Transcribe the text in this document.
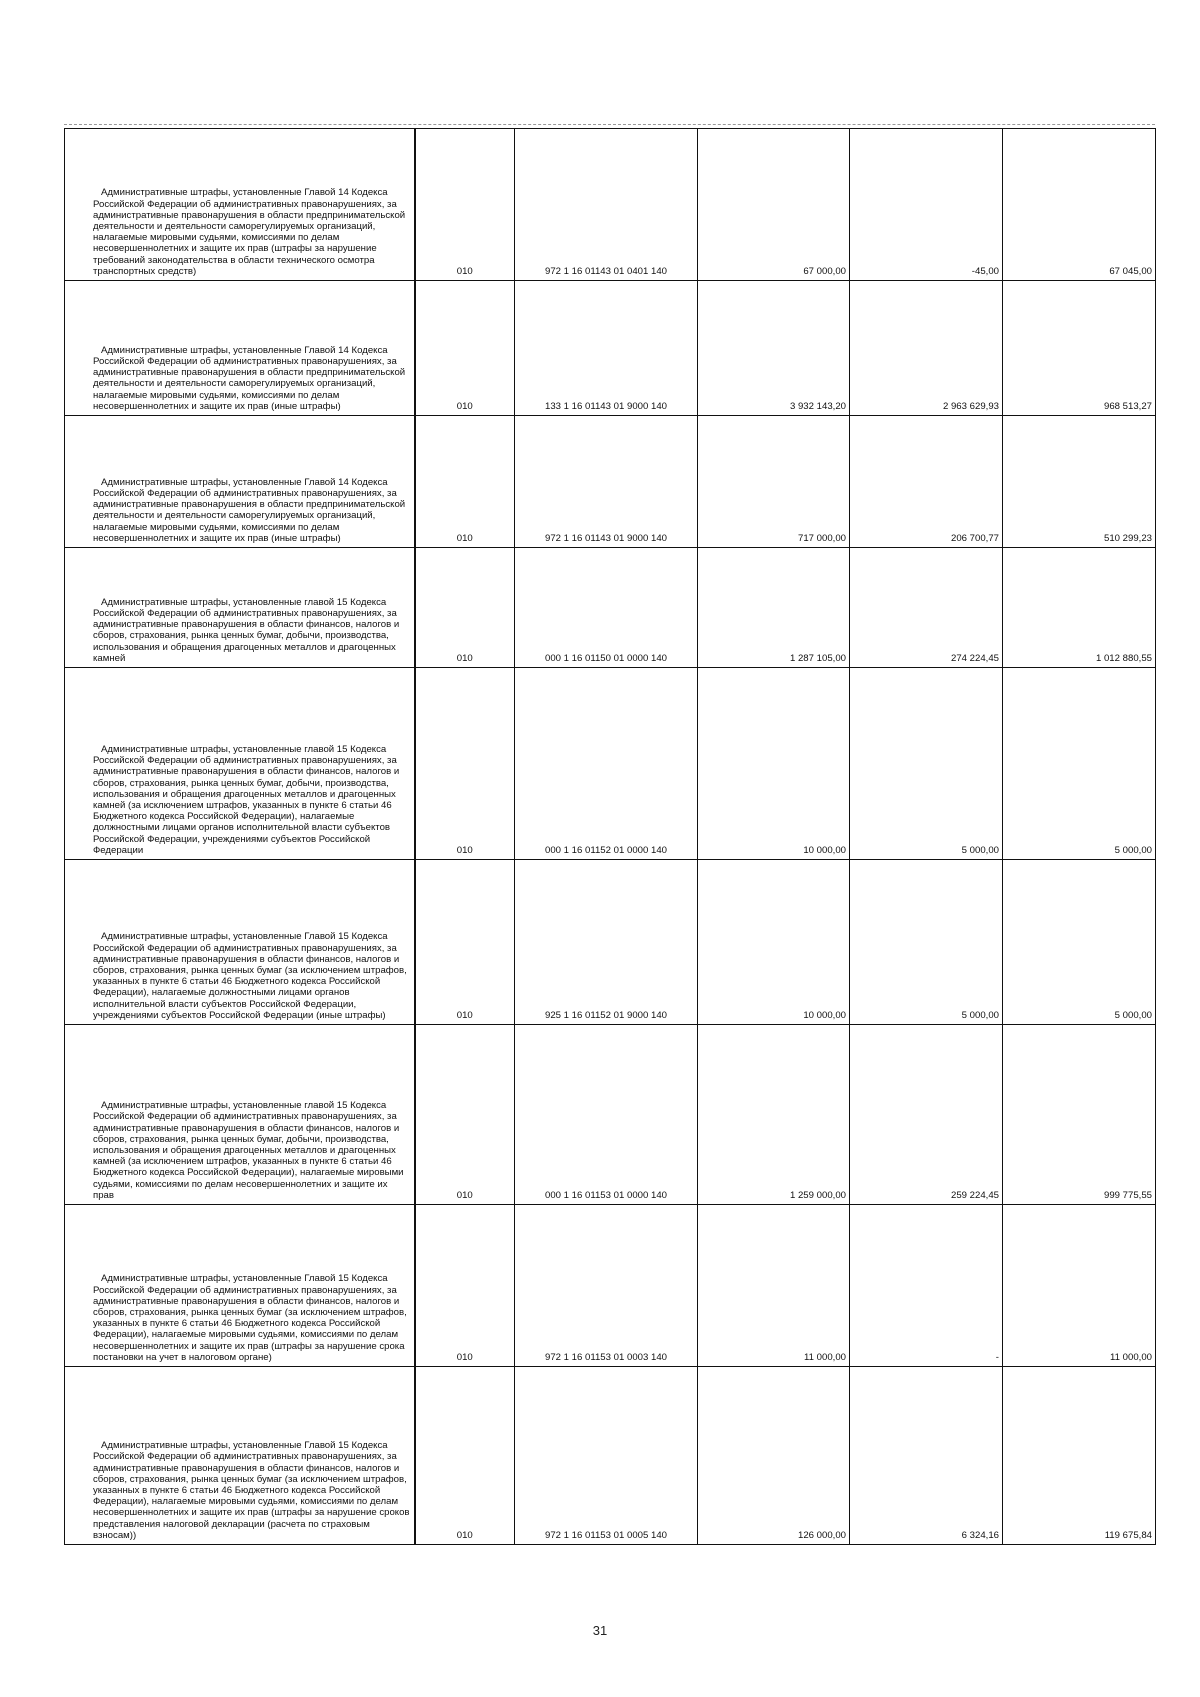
Административные штрафы, установленные Главой 14 Кодекса Российской Федерации об административных правонарушениях, за административные правонарушения в области предпринимательской деятельности и деятельности саморегулируемых организаций, налагаемые мировыми судьями, комиссиями по делам несовершеннолетних и защите их прав (штрафы за нарушение требований законодательства в области технического осмотра транспортных средств)	010	972 1 16 01143 01 0401 140	67 000,00	-45,00	67 045,00

Административные штрафы, установленные Главой 14 Кодекса Российской Федерации об административных правонарушениях, за административные правонарушения в области предпринимательской деятельности и деятельности саморегулируемых организаций, налагаемые мировыми судьями, комиссиями по делам несовершеннолетних и защите их прав (иные штрафы)	010	133 1 16 01143 01 9000 140	3 932 143,20	2 963 629,93	968 513,27

Административные штрафы, установленные Главой 14 Кодекса Российской Федерации об административных правонарушениях, за административные правонарушения в области предпринимательской деятельности и деятельности саморегулируемых организаций, налагаемые мировыми судьями, комиссиями по делам несовершеннолетних и защите их прав (иные штрафы)	010	972 1 16 01143 01 9000 140	717 000,00	206 700,77	510 299,23

Административные штрафы, установленные главой 15 Кодекса Российской Федерации об административных правонарушениях, за административные правонарушения в области финансов, налогов и сборов, страхования, рынка ценных бумаг, добычи, производства, использования и обращения драгоценных металлов и драгоценных камней	010	000 1 16 01150 01 0000 140	1 287 105,00	274 224,45	1 012 880,55

Административные штрафы, установленные главой 15 Кодекса Российской Федерации об административных правонарушениях, за административные правонарушения в области финансов, налогов и сборов, страхования, рынка ценных бумаг, добычи, производства, использования и обращения драгоценных металлов и драгоценных камней (за исключением штрафов, указанных в пункте 6 статьи 46 Бюджетного кодекса Российской Федерации), налагаемые должностными лицами органов исполнительной власти субъектов Российской Федерации, учреждениями субъектов Российской Федерации	010	000 1 16 01152 01 0000 140	10 000,00	5 000,00	5 000,00

Административные штрафы, установленные Главой 15 Кодекса Российской Федерации об административных правонарушениях, за административные правонарушения в области финансов, налогов и сборов, страхования, рынка ценных бумаг (за исключением штрафов, указанных в пункте 6 статьи 46 Бюджетного кодекса Российской Федерации), налагаемые должностными лицами органов исполнительной власти субъектов Российской Федерации, учреждениями субъектов Российской Федерации (иные штрафы)	010	925 1 16 01152 01 9000 140	10 000,00	5 000,00	5 000,00

Административные штрафы, установленные главой 15 Кодекса Российской Федерации об административных правонарушениях, за административные правонарушения в области финансов, налогов и сборов, страхования, рынка ценных бумаг, добычи, производства, использования и обращения драгоценных металлов и драгоценных камней (за исключением штрафов, указанных в пункте 6 статьи 46 Бюджетного кодекса Российской Федерации), налагаемые мировыми судьями, комиссиями по делам несовершеннолетних и защите их прав	010	000 1 16 01153 01 0000 140	1 259 000,00	259 224,45	999 775,55

Административные штрафы, установленные Главой 15 Кодекса Российской Федерации об административных правонарушениях, за административные правонарушения в области финансов, налогов и сборов, страхования, рынка ценных бумаг (за исключением штрафов, указанных в пункте 6 статьи 46 Бюджетного кодекса Российской Федерации), налагаемые мировыми судьями, комиссиями по делам несовершеннолетних и защите их прав (штрафы за нарушение срока постановки на учет в налоговом органе)	010	972 1 16 01153 01 0003 140	11 000,00	-	11 000,00

Административные штрафы, установленные Главой 15 Кодекса Российской Федерации об административных правонарушениях, за административные правонарушения в области финансов, налогов и сборов, страхования, рынка ценных бумаг (за исключением штрафов, указанных в пункте 6 статьи 46 Бюджетного кодекса Российской Федерации), налагаемые мировыми судьями, комиссиями по делам несовершеннолетних и защите их прав (штрафы за нарушение сроков представления налоговой декларации (расчета по страховым взносам))	010	972 1 16 01153 01 0005 140	126 000,00	6 324,16	119 675,84
31
